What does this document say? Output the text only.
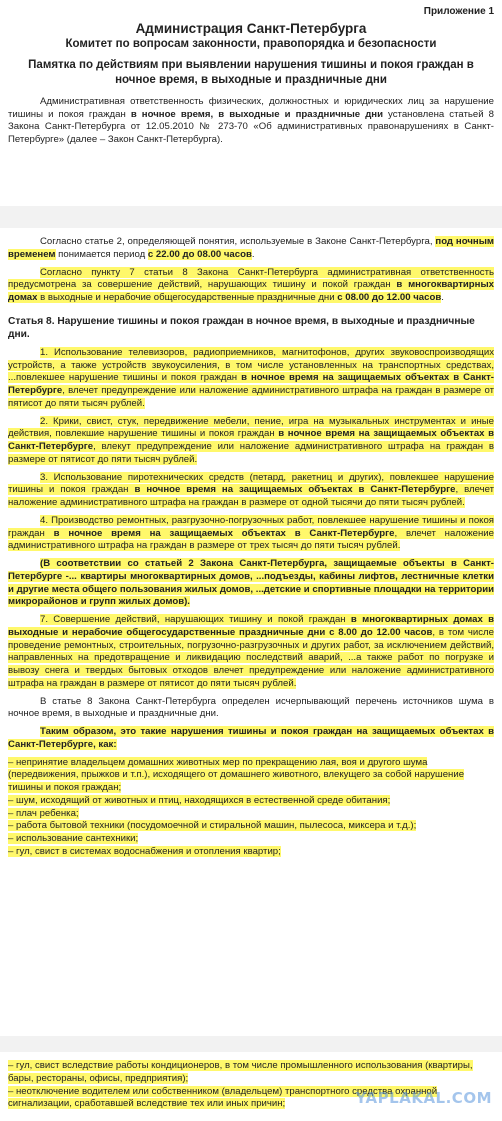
Приложение 1
Администрация Санкт-Петербурга
Комитет по вопросам законности, правопорядка и безопасности
Памятка по действиям при выявлении нарушения тишины и покоя граждан в ночное время, в выходные и праздничные дни

Административная ответственность физических, должностных и юридических лиц за нарушение тишины и покоя граждан в ночное время, в выходные и праздничные дни установлена статьей 8 Закона Санкт-Петербурга от 12.05.2010 № 273-70 «Об административных правонарушениях в Санкт-Петербурге» (далее – Закон Санкт-Петербурга).

Согласно статье 2, определяющей понятия, используемые в Законе Санкт-Петербурга, под ночным временем понимается период с 22.00 до 08.00 часов.

Согласно пункту 7 статьи 8 Закона Санкт-Петербурга административная ответственность предусмотрена за совершение действий, нарушающих тишину и покой граждан в многоквартирных домах в выходные и нерабочие общегосударственные праздничные дни с 08.00 до 12.00 часов.

Статья 8. Нарушение тишины и покоя граждан в ночное время, в выходные и праздничные дни.

1. Использование телевизоров, радиоприемников, магнитофонов, других звуковоспроизводящих устройств, а также устройств звукоусиления, в том числе установленных на транспортных средствах, ...повлекшее нарушение тишины и покоя граждан в ночное время на защищаемых объектах в Санкт-Петербурге, влечет предупреждение или наложение административного штрафа на граждан в размере от пятисот до пяти тысяч рублей.

2. Крики, свист, стук, передвижение мебели, пение, игра на музыкальных инструментах и иные действия, повлекшие нарушение тишины и покоя граждан в ночное время на защищаемых объектах в Санкт-Петербурге, влекут предупреждение или наложение административного штрафа на граждан в размере от пятисот до пяти тысяч рублей.

3. Использование пиротехнических средств (петард, ракетниц и других), повлекшее нарушение тишины и покоя граждан в ночное время на защищаемых объектах в Санкт-Петербурге, влечет наложение административного штрафа на граждан в размере от одной тысячи до пяти тысяч рублей.

4. Производство ремонтных, разгрузочно-погрузочных работ, повлекшее нарушение тишины и покоя граждан в ночное время на защищаемых объектах в Санкт-Петербурге, влечет наложение административного штрафа на граждан в размере от трех тысяч до пяти тысяч рублей.

(В соответствии со статьей 2 Закона Санкт-Петербурга, защищаемые объекты в Санкт-Петербурге -... квартиры многоквартирных домов, ...подъезды, кабины лифтов, лестничные клетки и другие места общего пользования жилых домов, ...детские и спортивные площадки на территории микрорайонов и групп жилых домов).

7. Совершение действий, нарушающих тишину и покой граждан в многоквартирных домах в выходные и нерабочие общегосударственные праздничные дни с 8.00 до 12.00 часов, в том числе проведение ремонтных, строительных, погрузочно-разгрузочных и других работ, за исключением действий, направленных на предотвращение и ликвидацию последствий аварий, ...а также работ по погрузке и вывозу снега и твердых бытовых отходов влечет предупреждение или наложение административного штрафа на граждан в размере от пятисот до пяти тысяч рублей.

В статье 8 Закона Санкт-Петербурга определен исчерпывающий перечень источников шума в ночное время, в выходные и праздничные дни.

Таким образом, это такие нарушения тишины и покоя граждан на защищаемых объектах в Санкт-Петербурге, как:

– непринятие владельцем домашних животных мер по прекращению лая, воя и другого шума (передвижения, прыжков и т.п.), исходящего от домашнего животного, влекущего за собой нарушение тишины и покоя граждан;

– шум, исходящий от животных и птиц, находящихся в естественной среде обитания;

– плач ребенка;

– работа бытовой техники (посудомоечной и стиральной машин, пылесоса, миксера и т.д.);

– использование сантехники;

– гул, свист в системах водоснабжения и отопления квартир;

– гул, свист вследствие работы кондиционеров, в том числе промышленного использования (квартиры, бары, рестораны, офисы, предприятия);

– неотключение водителем или собственником (владельцем) транспортного средства охранной сигнализации, сработавшей вследствие тех или иных причин;	YAPLAKAL.COM
